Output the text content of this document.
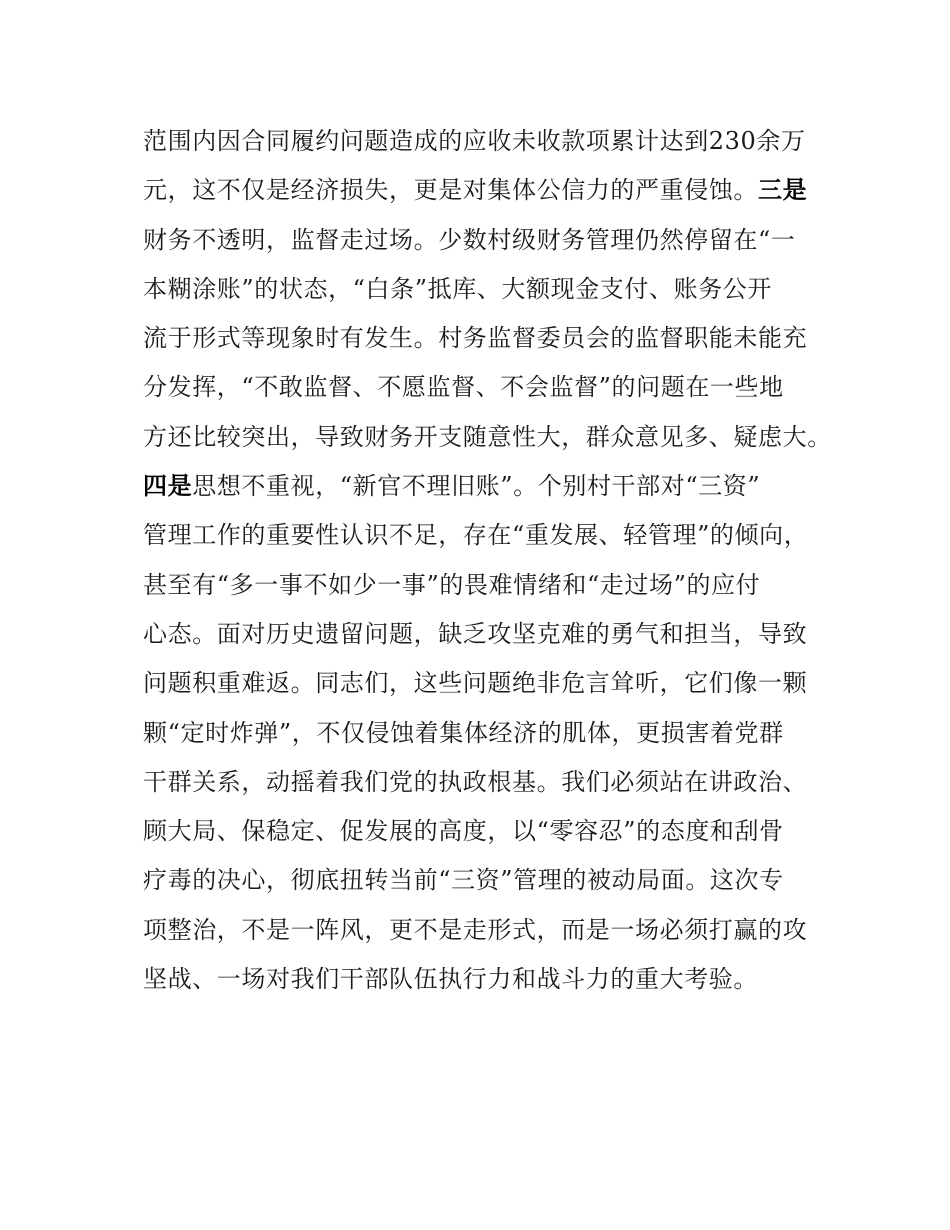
范围内因合同履约问题造成的应收未收款项累计达到230余万
元，这不仅是经济损失，更是对集体公信力的严重侵蚀。三是
财务不透明，监督走过场。少数村级财务管理仍然停留在“一
本糊涂账”的状态，“白条”抵库、大额现金支付、账务公开
流于形式等现象时有发生。村务监督委员会的监督职能未能充
分发挥，“不敢监督、不愿监督、不会监督”的问题在一些地
方还比较突出，导致财务开支随意性大，群众意见多、疑虑大。
四是思想不重视，“新官不理旧账”。个别村干部对“三资”
管理工作的重要性认识不足，存在“重发展、轻管理”的倾向，
甚至有“多一事不如少一事”的畏难情绪和“走过场”的应付
心态。面对历史遗留问题，缺乏攻坚克难的勇气和担当，导致
问题积重难返。同志们，这些问题绝非危言耸听，它们像一颗
颗“定时炸弹”，不仅侵蚀着集体经济的肌体，更损害着党群
干群关系，动摇着我们党的执政根基。我们必须站在讲政治、
顾大局、保稳定、促发展的高度，以“零容忍”的态度和刮骨
疗毒的决心，彻底扭转当前“三资”管理的被动局面。这次专
项整治，不是一阵风，更不是走形式，而是一场必须打赢的攻
坚战、一场对我们干部队伍执行力和战斗力的重大考验。
